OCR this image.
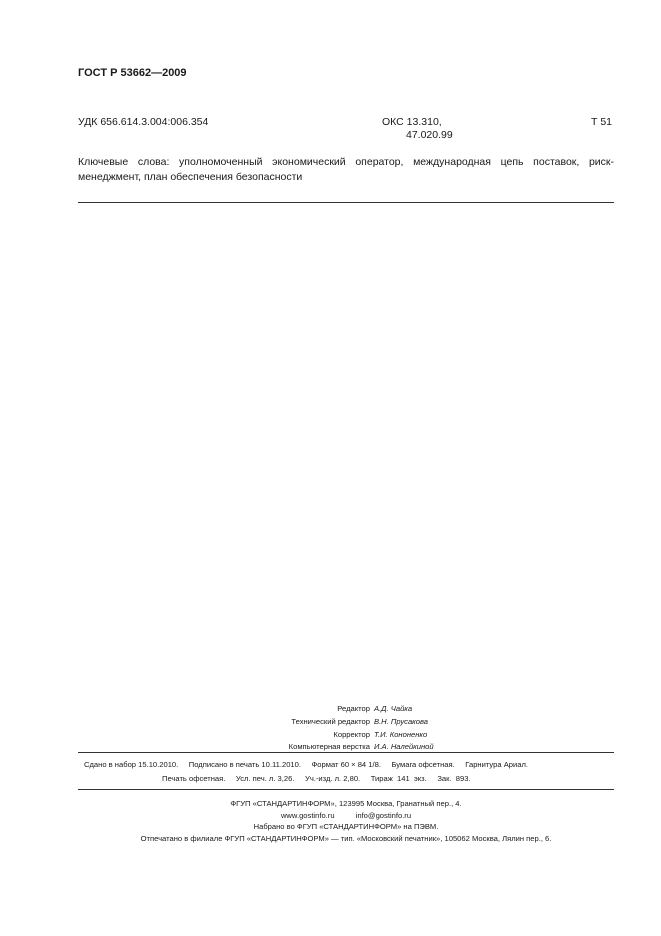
ГОСТ Р 53662—2009
УДК 656.614.3.004:006.354	ОКС 13.310,
47.020.99
Т 51
Ключевые слова: уполномоченный экономический оператор, международная цепь поставок, риск-менеджмент, план обеспечения безопасности
Редактор А.Д. Чайка
Технический редактор В.Н. Прусакова
Корректор Т.И. Кононенко
Компьютерная верстка И.А. Налейкиной
Сдано в набор 15.10.2010.     Подписано в печать 10.11.2010.     Формат 60 × 84 1/8.     Бумага офсетная.     Гарнитура Ариал.
Печать офсетная.     Усл. печ. л. 3,26.     Уч.-изд. л. 2,80.     Тираж  141  экз.     Зак.  893.
ФГУП «СТАНДАРТИНФОРМ», 123995 Москва, Гранатный пер., 4.
www.gostinfo.ru          info@gostinfo.ru
Набрано во ФГУП «СТАНДАРТИНФОРМ» на ПЭВМ.
Отпечатано в филиале ФГУП «СТАНДАРТИНФОРМ» — тип. «Московский печатник», 105062 Москва, Лялин пер., 6.
